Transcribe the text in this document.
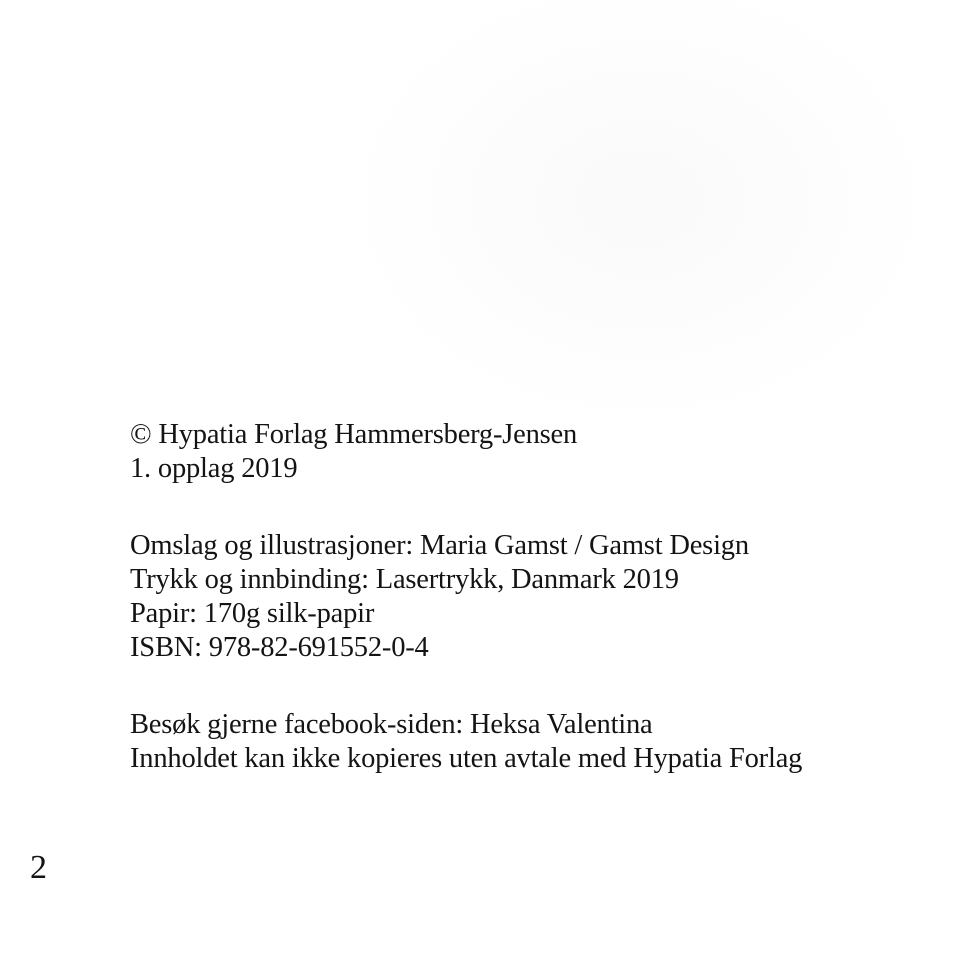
© Hypatia Forlag Hammersberg-Jensen
1. opplag 2019
Omslag og illustrasjoner: Maria Gamst / Gamst Design
Trykk og innbinding: Lasertrykk, Danmark 2019
Papir: 170g silk-papir
ISBN: 978-82-691552-0-4
Besøk gjerne facebook-siden: Heksa Valentina
Innholdet kan ikke kopieres uten avtale med Hypatia Forlag
2
